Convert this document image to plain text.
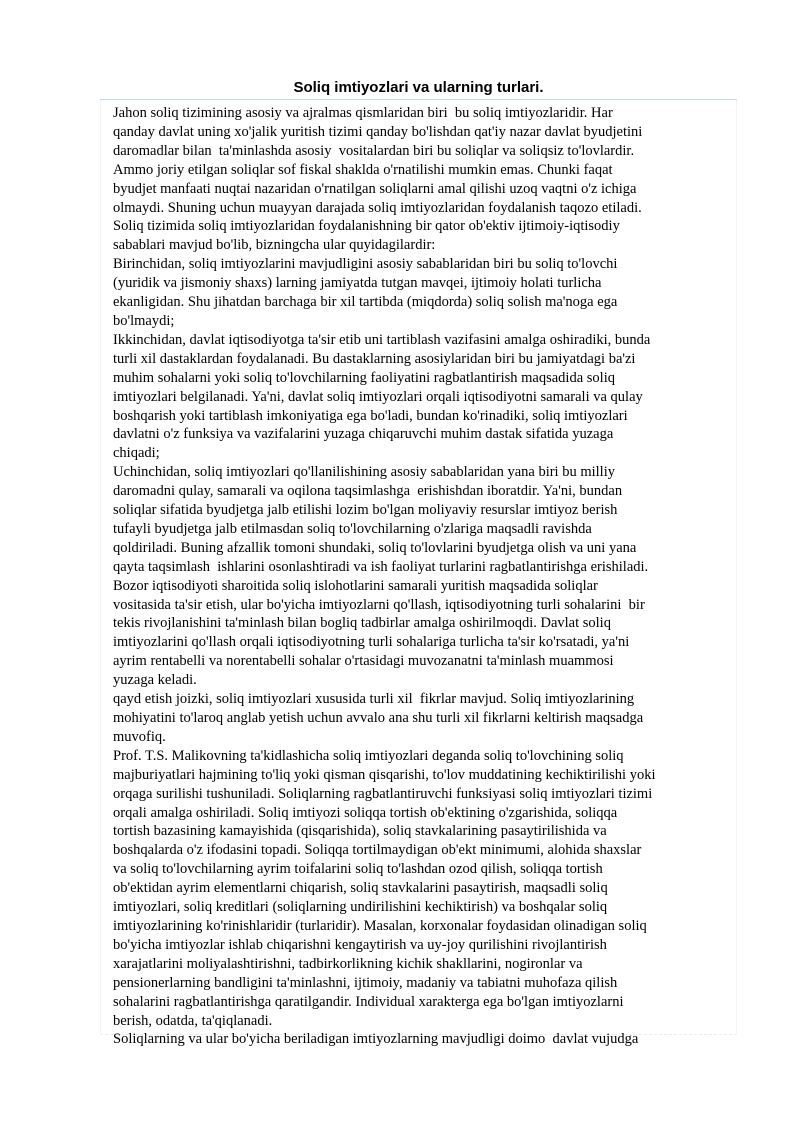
Soliq imtiyozlari va ularning turlari.

Jahon soliq tizimining asosiy va ajralmas qismlaridan biri  bu soliq imtiyozlaridir. Har
qanday davlat uning xo'jalik yuritish tizimi qanday bo'lishdan qat'iy nazar davlat byudjetini
daromadlar bilan  ta'minlashda asosiy  vositalardan biri bu soliqlar va soliqsiz to'lovlardir.
Ammo joriy etilgan soliqlar sof fiskal shaklda o'rnatilishi mumkin emas. Chunki faqat
byudjet manfaati nuqtai nazaridan o'rnatilgan soliqlarni amal qilishi uzoq vaqtni o'z ichiga
olmaydi. Shuning uchun muayyan darajada soliq imtiyozlaridan foydalanish taqozo etiladi.
Soliq tizimida soliq imtiyozlaridan foydalanishning bir qator ob'ektiv ijtimoiy-iqtisodiy
sabablari mavjud bo'lib, bizningcha ular quyidagilardir:

Birinchidan, soliq imtiyozlarini mavjudligini asosiy sabablaridan biri bu soliq to'lovchi
(yuridik va jismoniy shaxs) larning jamiyatda tutgan mavqei, ijtimoiy holati turlicha
ekanligidan. Shu jihatdan barchaga bir xil tartibda (miqdorda) soliq solish ma'noga ega
bo'lmaydi;

Ikkinchidan, davlat iqtisodiyotga ta'sir etib uni tartiblash vazifasini amalga oshiradiki, bunda
turli xil dastaklardan foydalanadi. Bu dastaklarning asosiylaridan biri bu jamiyatdagi ba'zi
muhim sohalarni yoki soliq to'lovchilarning faoliyatini ragbatlantirish maqsadida soliq
imtiyozlari belgilanadi. Ya'ni, davlat soliq imtiyozlari orqali iqtisodiyotni samarali va qulay
boshqarish yoki tartiblash imkoniyatiga ega bo'ladi, bundan ko'rinadiki, soliq imtiyozlari
davlatni o'z funksiya va vazifalarini yuzaga chiqaruvchi muhim dastak sifatida yuzaga
chiqadi;

Uchinchidan, soliq imtiyozlari qo'llanilishining asosiy sabablaridan yana biri bu milliy
daromadni qulay, samarali va oqilona taqsimlashga  erishishdan iboratdir. Ya'ni, bundan
soliqlar sifatida byudjetga jalb etilishi lozim bo'lgan moliyaviy resurslar imtiyoz berish
tufayli byudjetga jalb etilmasdan soliq to'lovchilarning o'zlariga maqsadli ravishda
qoldiriladi. Buning afzallik tomoni shundaki, soliq to'lovlarini byudjetga olish va uni yana
qayta taqsimlash  ishlarini osonlashtiradi va ish faoliyat turlarini ragbatlantirishga erishiladi.
Bozor iqtisodiyoti sharoitida soliq islohotlarini samarali yuritish maqsadida soliqlar
vositasida ta'sir etish, ular bo'yicha imtiyozlarni qo'llash, iqtisodiyotning turli sohalarini  bir
tekis rivojlanishini ta'minlash bilan bogliq tadbirlar amalga oshirilmoqdi. Davlat soliq
imtiyozlarini qo'llash orqali iqtisodiyotning turli sohalariga turlicha ta'sir ko'rsatadi, ya'ni
ayrim rentabelli va norentabelli sohalar o'rtasidagi muvozanatni ta'minlash muammosi
yuzaga keladi.

qayd etish joizki, soliq imtiyozlari xususida turli xil  fikrlar mavjud. Soliq imtiyozlarining
mohiyatini to'laroq anglab yetish uchun avvalo ana shu turli xil fikrlarni keltirish maqsadga
muvofiq.

Prof. T.S. Malikovning ta'kidlashicha soliq imtiyozlari deganda soliq to'lovchining soliq
majburiyatlari hajmining to'liq yoki qisman qisqarishi, to'lov muddatining kechiktirilishi yoki
orqaga surilishi tushuniladi. Soliqlarning ragbatlantiruvchi funksiyasi soliq imtiyozlari tizimi
orqali amalga oshiriladi. Soliq imtiyozi soliqqa tortish ob'ektining o'zgarishida, soliqqa
tortish bazasining kamayishida (qisqarishida), soliq stavkalarining pasaytirilishida va
boshqalarda o'z ifodasini topadi. Soliqqa tortilmaydigan ob'ekt minimumi, alohida shaxslar
va soliq to'lovchilarning ayrim toifalarini soliq to'lashdan ozod qilish, soliqqa tortish
ob'ektidan ayrim elementlarni chiqarish, soliq stavkalarini pasaytirish, maqsadli soliq
imtiyozlari, soliq kreditlari (soliqlarning undirilishini kechiktirish) va boshqalar soliq
imtiyozlarining ko'rinishlaridir (turlaridir). Masalan, korxonalar foydasidan olinadigan soliq
bo'yicha imtiyozlar ishlab chiqarishni kengaytirish va uy-joy qurilishini rivojlantirish
xarajatlarini moliyalashtirishni, tadbirkorlikning kichik shakllarini, nogironlar va
pensionerlarning bandligini ta'minlashni, ijtimoiy, madaniy va tabiatni muhofaza qilish
sohalarini ragbatlantirishga qaratilgandir. Individual xarakterga ega bo'lgan imtiyozlarni
berish, odatda, ta'qiqlanadi.

Soliqlarning va ular bo'yicha beriladigan imtiyozlarning mavjudligi doimo  davlat vujudga
